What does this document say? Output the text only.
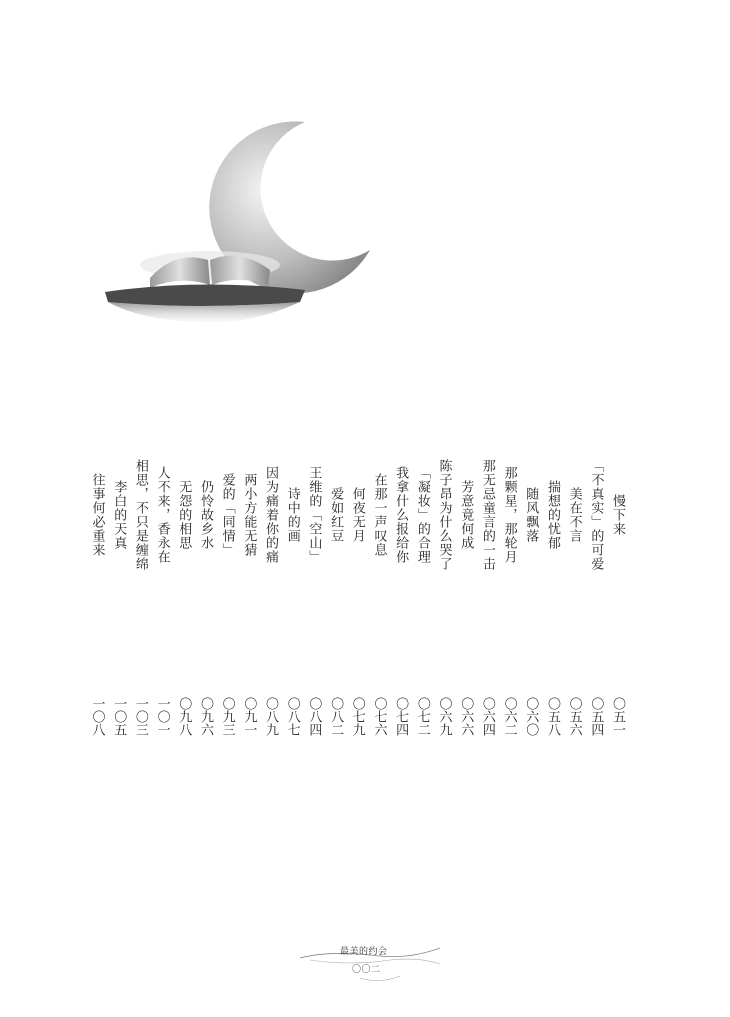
慢下来
「不真实」的可爱
美在不言
揣想的忧郁
随风飘落
那颗星，那轮月
那无忌童言的一击
芳意竟何成
陈子昂为什么哭了
「凝妆」的合理
我拿什么报给你
在那一声叹息
何夜无月
爱如红豆
王维的「空山」
诗中的画
因为痛着你的痛
两小方能无猜
爱的「同情」
仍怜故乡水
无怨的相思
人不来，香永在
相思，不只是缠绵
李白的天真
往事何必重来
〇五一
〇五四
〇五六
〇五八
〇六〇
〇六二
〇六四
〇六六
〇六九
〇七二
〇七四
〇七六
〇七九
〇八二
〇八四
〇八七
〇八九
〇九一
〇九三
〇九六
〇九八
一〇一
一〇三
一〇五
一〇八
最美的约会
〇〇二
